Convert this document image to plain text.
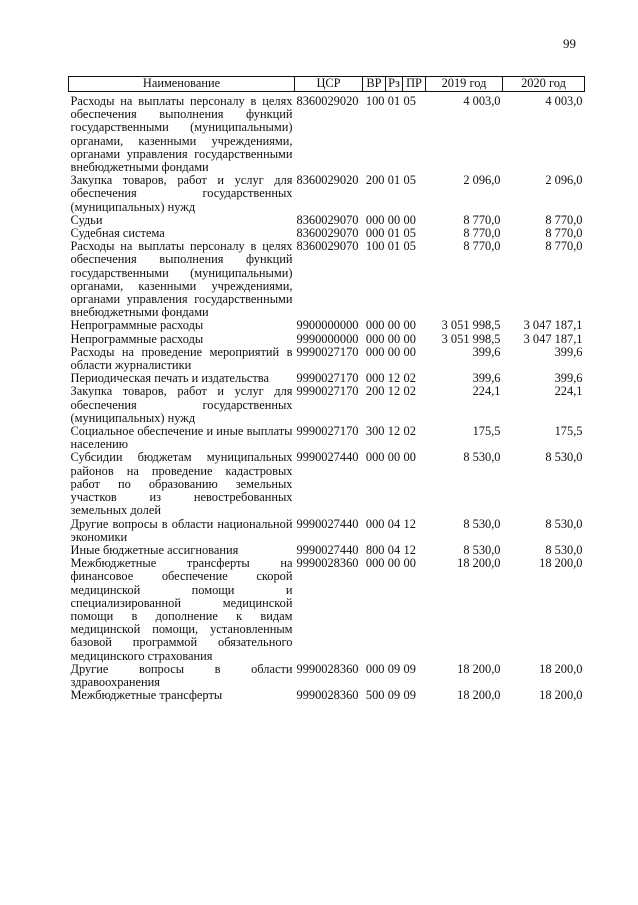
99
Наименование	ЦСР	ВР	Рз	ПР	2019 год	2020 год
Расходы на выплаты персоналу в целях обеспечения выполнения функций государственными (муниципальными) органами, казенными учреждениями, органами управления государственными внебюджетными фондами	8360029020	100	01	05	4 003,0	4 003,0
Закупка товаров, работ и услуг для обеспечения государственных (муниципальных) нужд	8360029020	200	01	05	2 096,0	2 096,0
Судьи	8360029070	000	00	00	8 770,0	8 770,0
Судебная система	8360029070	000	01	05	8 770,0	8 770,0
Расходы на выплаты персоналу в целях обеспечения выполнения функций государственными (муниципальными) органами, казенными учреждениями, органами управления государственными внебюджетными фондами	8360029070	100	01	05	8 770,0	8 770,0
Непрограммные расходы	9900000000	000	00	00	3 051 998,5	3 047 187,1
Непрограммные расходы	9990000000	000	00	00	3 051 998,5	3 047 187,1
Расходы на проведение мероприятий в области журналистики	9990027170	000	00	00	399,6	399,6
Периодическая печать и издательства	9990027170	000	12	02	399,6	399,6
Закупка товаров, работ и услуг для обеспечения государственных (муниципальных) нужд	9990027170	200	12	02	224,1	224,1
Социальное обеспечение и иные выплаты населению	9990027170	300	12	02	175,5	175,5
Субсидии бюджетам муниципальных районов на проведение кадастровых работ по образованию земельных участков из невостребованных земельных долей	9990027440	000	00	00	8 530,0	8 530,0
Другие вопросы в области национальной экономики	9990027440	000	04	12	8 530,0	8 530,0
Иные бюджетные ассигнования	9990027440	800	04	12	8 530,0	8 530,0
Межбюджетные трансферты на финансовое обеспечение скорой медицинской помощи и специализированной медицинской помощи в дополнение к видам медицинской помощи, установленным базовой программой обязательного медицинского страхования	9990028360	000	00	00	18 200,0	18 200,0
Другие вопросы в области здравоохранения	9990028360	000	09	09	18 200,0	18 200,0
Межбюджетные трансферты	9990028360	500	09	09	18 200,0	18 200,0
